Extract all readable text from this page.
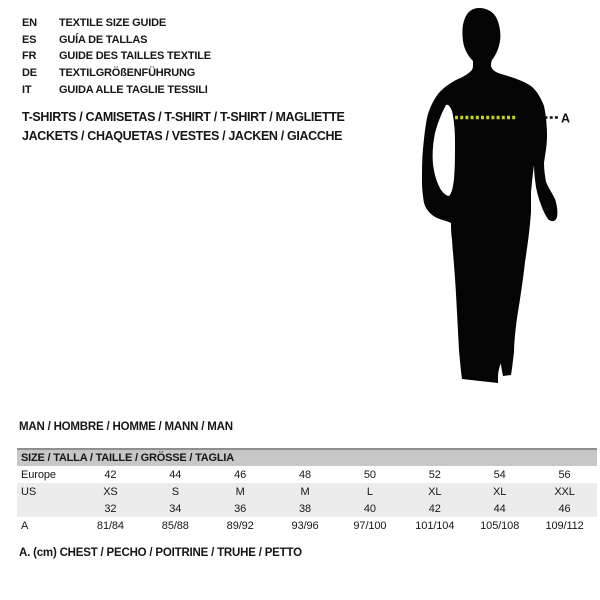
EN TEXTILE SIZE GUIDE
ES GUÍA DE TALLAS
FR GUIDE DES TAILLES TEXTILE
DE TEXTILGRÖßENFÜHRUNG
IT	GUIDA ALLE TAGLIE TESSILI
T-SHIRTS / CAMISETAS / T-SHIRT / T-SHIRT / MAGLIETTE
JACKETS / CHAQUETAS / VESTES / JACKEN / GIACCHE
A
MAN / HOMBRE / HOMME / MANN / MAN
SIZE / TALLA / TAILLE / GRÖSSE / TAGLIA								
Europe	42	44	46	48	50	52	54	56
US	XS	S	M	M	L	XL	XL	XXL
	32	34	36	38	40	42	44	46
A	81/84	85/88	89/92	93/96	97/100	101/104	105/108	109/112
A. (cm) CHEST / PECHO / POITRINE / TRUHE / PETTO
